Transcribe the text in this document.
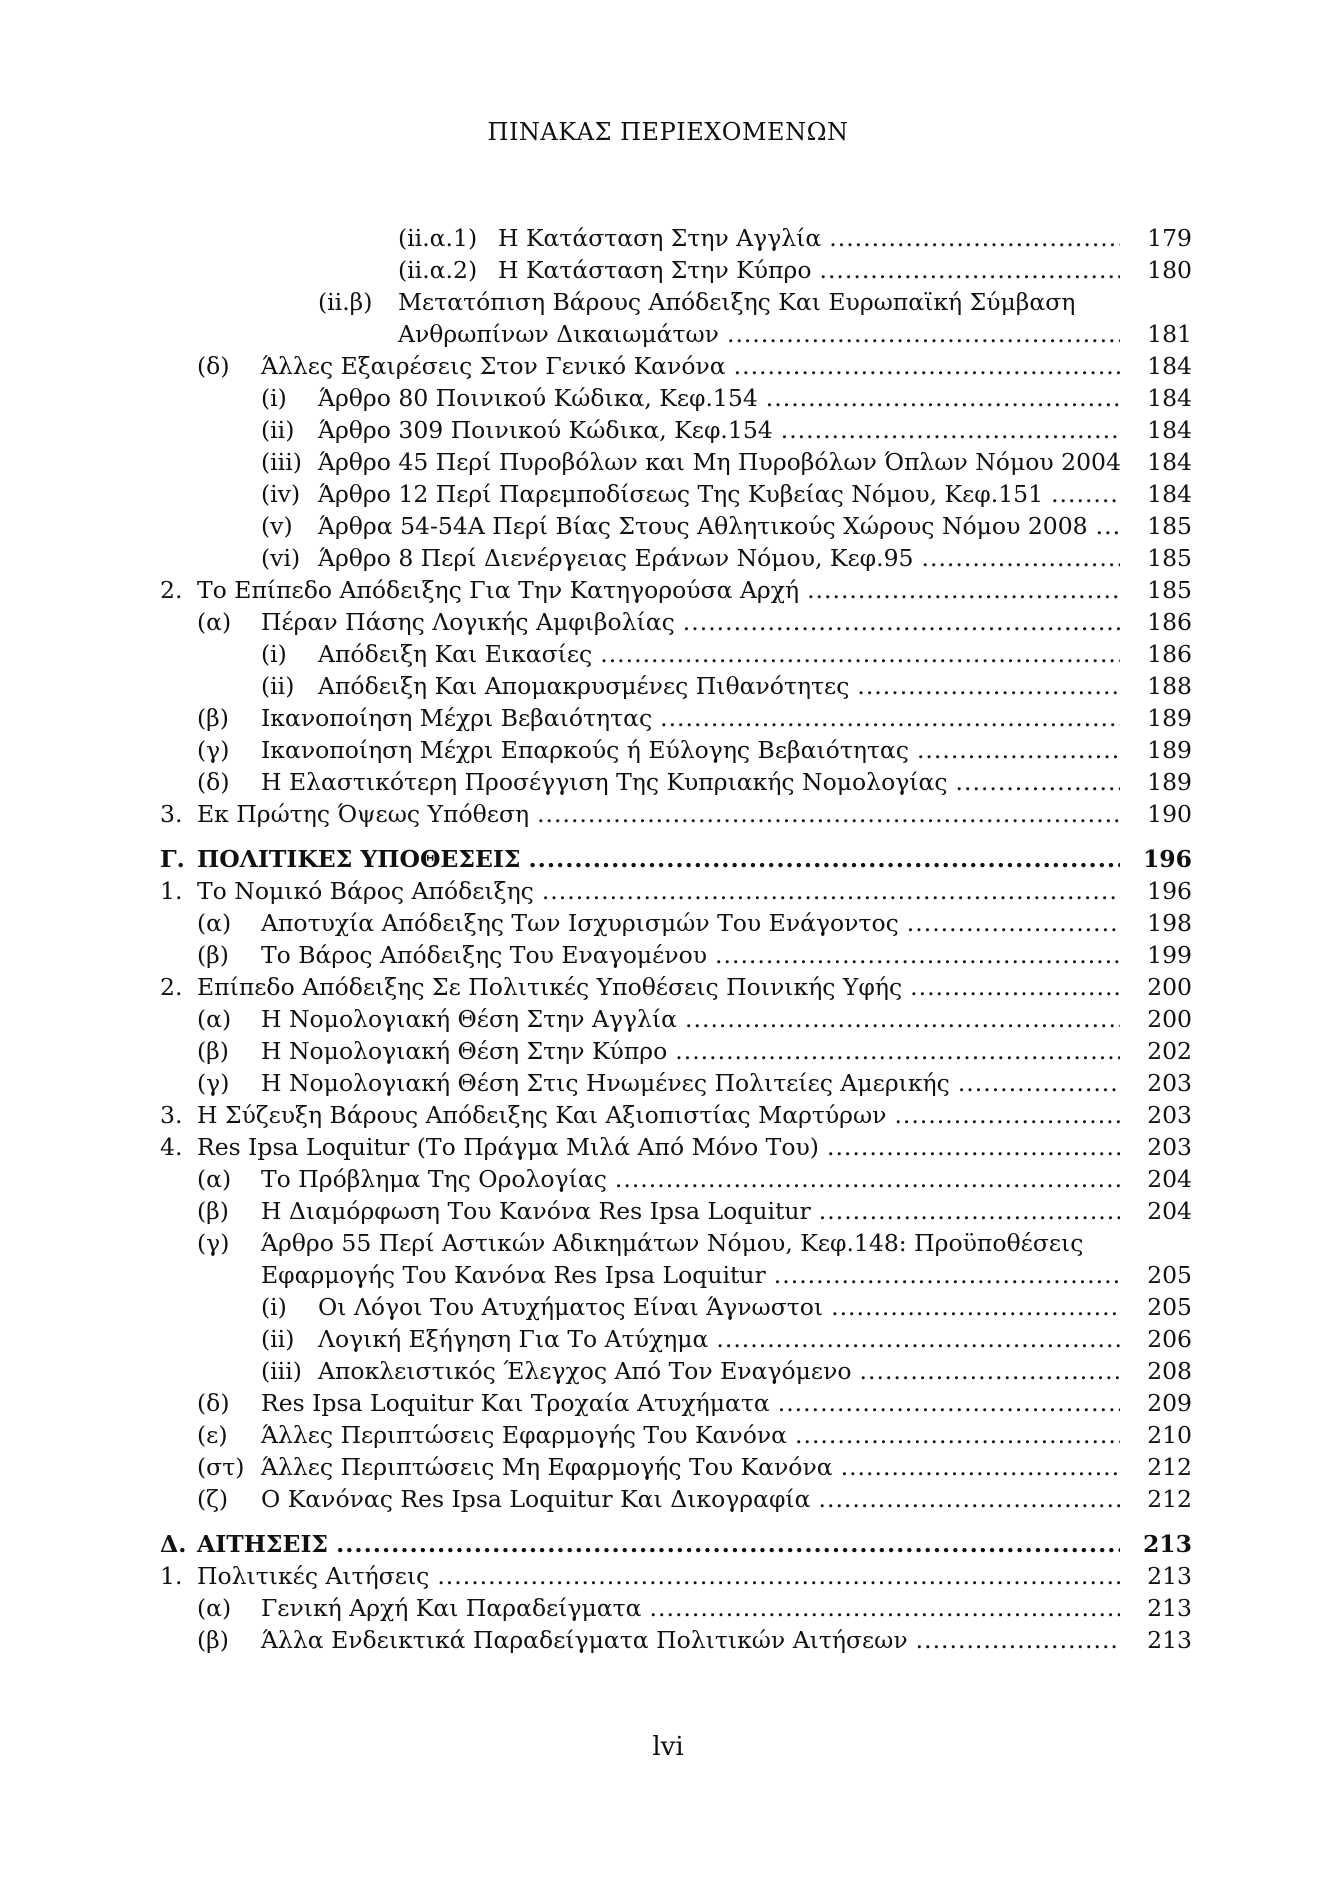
ΠΙΝΑΚΑΣ ΠΕΡΙΕΧΟΜΕΝΩΝ
(ii.α.1) Η Κατάσταση Στην Αγγλία .....	179
(ii.α.2) Η Κατάσταση Στην Κύπρο .....	180
(ii.β) Μετατόπιση Βάρους Απόδειξης Και Ευρωπαϊκή Σύμβαση
Ανθρωπίνων Δικαιωμάτων .....	181
(δ) Άλλες Εξαιρέσεις Στον Γενικό Κανόνα .....	184
(i) Άρθρο 80 Ποινικού Κώδικα, Κεφ.154 .....	184
(ii) Άρθρο 309 Ποινικού Κώδικα, Κεφ.154 .....	184
(iii) Άρθρο 45 Περί Πυροβόλων και Μη Πυροβόλων Όπλων Νόμου 2004	184
(iv) Άρθρο 12 Περί Παρεμποδίσεως Της Κυβείας Νόμου, Κεφ.151 .....	184
(v) Άρθρα 54-54Α Περί Βίας Στους Αθλητικούς Χώρους Νόμου 2008 .....	185
(vi) Άρθρο 8 Περί Διενέργειας Εράνων Νόμου, Κεφ.95 .....	185
2. Το Επίπεδο Απόδειξης Για Την Κατηγορούσα Αρχή .....	185
(α) Πέραν Πάσης Λογικής Αμφιβολίας .....	186
(i) Απόδειξη Και Εικασίες .....	186
(ii) Απόδειξη Και Απομακρυσμένες Πιθανότητες .....	188
(β) Ικανοποίηση Μέχρι Βεβαιότητας .....	189
(γ) Ικανοποίηση Μέχρι Επαρκούς ή Εύλογης Βεβαιότητας .....	189
(δ) Η Ελαστικότερη Προσέγγιση Της Κυπριακής Νομολογίας .....	189
3. Εκ Πρώτης Όψεως Υπόθεση .....	190
Γ. ΠΟΛΙΤΙΚΕΣ ΥΠΟΘΕΣΕΙΣ .....	196
1. Το Νομικό Βάρος Απόδειξης .....	196
(α) Αποτυχία Απόδειξης Των Ισχυρισμών Του Ενάγοντος .....	198
(β) Το Βάρος Απόδειξης Του Εναγομένου .....	199
2. Επίπεδο Απόδειξης Σε Πολιτικές Υποθέσεις Ποινικής Υφής .....	200
(α) Η Νομολογιακή Θέση Στην Αγγλία .....	200
(β) Η Νομολογιακή Θέση Στην Κύπρο .....	202
(γ) Η Νομολογιακή Θέση Στις Ηνωμένες Πολιτείες Αμερικής .....	203
3. Η Σύζευξη Βάρους Απόδειξης Και Αξιοπιστίας Μαρτύρων .....	203
4. Res Ipsa Loquitur (Το Πράγμα Μιλά Από Μόνο Του) .....	203
(α) Το Πρόβλημα Της Ορολογίας .....	204
(β) Η Διαμόρφωση Του Κανόνα Res Ipsa Loquitur .....	204
(γ) Άρθρο 55 Περί Αστικών Αδικημάτων Νόμου, Κεφ.148: Προϋποθέσεις
Εφαρμογής Του Κανόνα Res Ipsa Loquitur .....	205
(i) Οι Λόγοι Του Ατυχήματος Είναι Άγνωστοι .....	205
(ii) Λογική Εξήγηση Για Το Ατύχημα .....	206
(iii) Αποκλειστικός Έλεγχος Από Τον Εναγόμενο .....	208
(δ) Res Ipsa Loquitur Και Τροχαία Ατυχήματα .....	209
(ε) Άλλες Περιπτώσεις Εφαρμογής Του Κανόνα .....	210
(στ) Άλλες Περιπτώσεις Μη Εφαρμογής Του Κανόνα .....	212
(ζ) Ο Κανόνας Res Ipsa Loquitur Και Δικογραφία .....	212
Δ. ΑΙΤΗΣΕΙΣ .....	213
1. Πολιτικές Αιτήσεις .....	213
(α) Γενική Αρχή Και Παραδείγματα .....	213
(β) Άλλα Ενδεικτικά Παραδείγματα Πολιτικών Αιτήσεων .....	213
lvi
